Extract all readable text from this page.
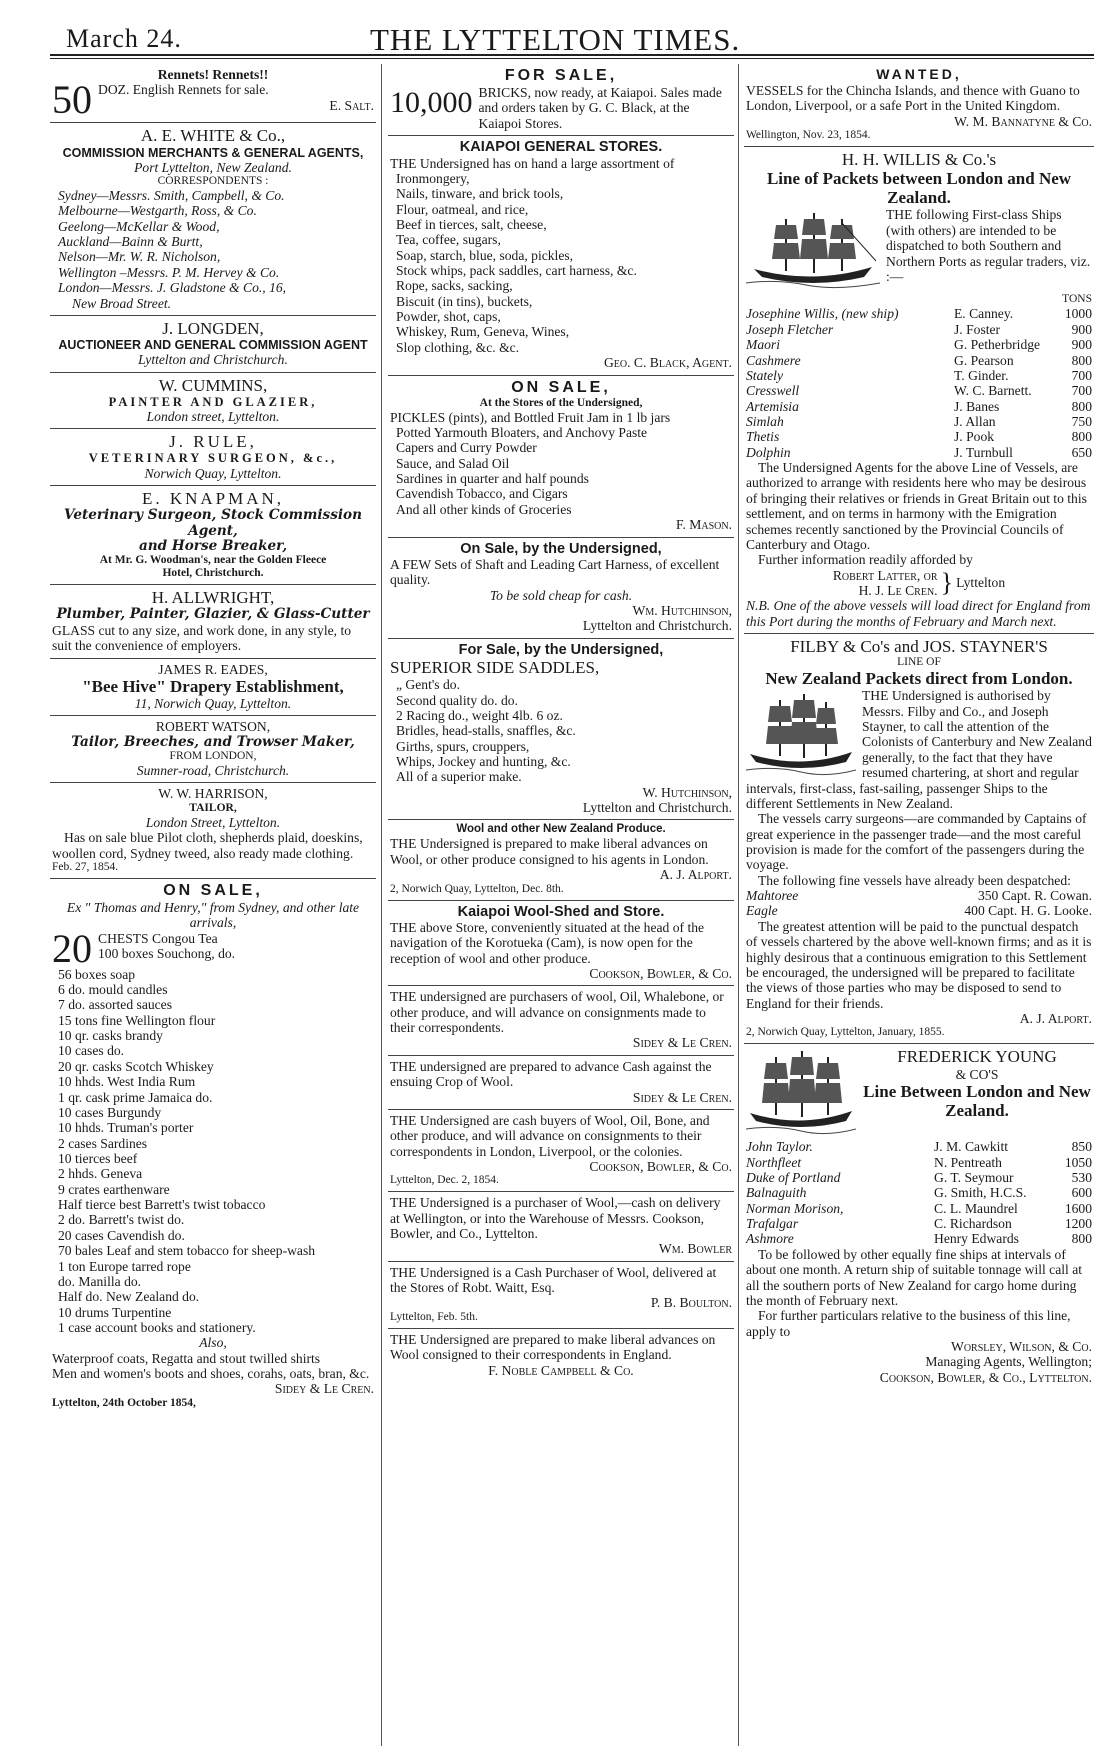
March 24.	THE LYTTELTON TIMES.
Rennets! Rennets!!
50 DOZ. English Rennets for sale.
E. Salt.
A. E. WHITE & Co.,
COMMISSION MERCHANTS & GENERAL AGENTS,
Port Lyttelton, New Zealand.
CORRESPONDENTS :
Sydney—Messrs. Smith, Campbell, & Co.
Melbourne—Westgarth, Ross, & Co.
Geelong—McKellar & Wood,
Auckland—Bainn & Burtt,
Nelson—Mr. W. R. Nicholson,
Wellington –Messrs. P. M. Hervey & Co.
London—Messrs. J. Gladstone & Co., 16,
New Broad Street.
J. LONGDEN,
AUCTIONEER AND GENERAL COMMISSION AGENT
Lyttelton and Christchurch.
W. CUMMINS,
PAINTER AND GLAZIER,
London street, Lyttelton.
J. RULE,
VETERINARY SURGEON, &c.,
Norwich Quay, Lyttelton.
E. KNAPMAN,
Veterinary Surgeon, Stock Commission Agent,
and Horse Breaker,
At Mr. G. Woodman's, near the Golden Fleece
Hotel, Christchurch.
H. ALLWRIGHT,
Plumber, Painter, Glazier, & Glass-Cutter
GLASS cut to any size, and work done, in any style, to suit the convenience of employers.
JAMES R. EADES,
"Bee Hive" Drapery Establishment,
11, Norwich Quay, Lyttelton.
ROBERT WATSON,
Tailor, Breeches, and Trowser Maker,
FROM LONDON,
Sumner-road, Christchurch.
W. W. HARRISON,
TAILOR,
London Street, Lyttelton.
Has on sale blue Pilot cloth, shepherds plaid, doeskins, woollen cord, Sydney tweed, also ready made clothing.
Feb. 27, 1854.
ON SALE,
Ex " Thomas and Henry," from Sydney, and other late arrivals,
20 CHESTS Congou Tea
100 boxes Souchong, do.
56 boxes soap
6 do. mould candles
7 do. assorted sauces
15 tons fine Wellington flour
10 qr. casks brandy
10 cases do.
20 qr. casks Scotch Whiskey
10 hhds. West India Rum
1 qr. cask prime Jamaica do.
10 cases Burgundy
10 hhds. Truman's porter
2 cases Sardines
10 tierces beef
2 hhds. Geneva
9 crates earthenware
Half tierce best Barrett's twist tobacco
2 do. Barrett's twist do.
20 cases Cavendish do.
70 bales Leaf and stem tobacco for sheep-wash
1 ton Europe tarred rope
do. Manilla do.
Half do. New Zealand do.
10 drums Turpentine
1 case account books and stationery.
Also,
Waterproof coats, Regatta and stout twilled shirts
Men and women's boots and shoes, corahs, oats, bran, &c.
Sidey & Le Cren.
Lyttelton, 24th October 1854,
FOR SALE,
10,000 BRICKS, now ready, at Kaiapoi. Sales made and orders taken by G. C. Black, at the Kaiapoi Stores.
KAIAPOI GENERAL STORES.
THE Undersigned has on hand a large assortment of
Ironmongery,
Nails, tinware, and brick tools,
Flour, oatmeal, and rice,
Beef in tierces, salt, cheese,
Tea, coffee, sugars,
Soap, starch, blue, soda, pickles,
Stock whips, pack saddles, cart harness, &c.
Rope, sacks, sacking,
Biscuit (in tins), buckets,
Powder, shot, caps,
Whiskey, Rum, Geneva, Wines,
Slop clothing, &c. &c.
Geo. C. Black, Agent.
ON SALE,
At the Stores of the Undersigned,
PICKLES (pints), and Bottled Fruit Jam in 1 lb jars
Potted Yarmouth Bloaters, and Anchovy Paste
Capers and Curry Powder
Sauce, and Salad Oil
Sardines in quarter and half pounds
Cavendish Tobacco, and Cigars
And all other kinds of Groceries
F. Mason.
On Sale, by the Undersigned,
A FEW Sets of Shaft and Leading Cart Harness, of excellent quality.
To be sold cheap for cash.
Wm. Hutchinson,
Lyttelton and Christchurch.
For Sale, by the Undersigned,
SUPERIOR SIDE SADDLES,
„ Gent's do.
Second quality do. do.
2 Racing do., weight 4lb. 6 oz.
Bridles, head-stalls, snaffles, &c.
Girths, spurs, crouppers,
Whips, Jockey and hunting, &c.
All of a superior make.
W. Hutchinson,
Lyttelton and Christchurch.
Wool and other New Zealand Produce.
THE Undersigned is prepared to make liberal advances on Wool, or other produce consigned to his agents in London.
A. J. Alport.
2, Norwich Quay, Lyttelton, Dec. 8th.
Kaiapoi Wool-Shed and Store.
THE above Store, conveniently situated at the head of the navigation of the Korotueka (Cam), is now open for the reception of wool and other produce.
Cookson, Bowler, & Co.
THE undersigned are purchasers of wool, Oil, Whalebone, or other produce, and will advance on consignments made to their correspondents.
Sidey & Le Cren.
THE undersigned are prepared to advance Cash against the ensuing Crop of Wool.
Sidey & Le Cren.
THE Undersigned are cash buyers of Wool, Oil, Bone, and other produce, and will advance on consignments to their correspondents in London, Liverpool, or the colonies.
Cookson, Bowler, & Co.
Lyttelton, Dec. 2, 1854.
THE Undersigned is a purchaser of Wool,—cash on delivery at Wellington, or into the Warehouse of Messrs. Cookson, Bowler, and Co., Lyttelton.
Wm. Bowler
THE Undersigned is a Cash Purchaser of Wool, delivered at the Stores of Robt. Waitt, Esq.
P. B. Boulton.
Lyttelton, Feb. 5th.
THE Undersigned are prepared to make liberal advances on Wool consigned to their correspondents in England.
F. Noble Campbell & Co.
WANTED,
VESSELS for the Chincha Islands, and thence with Guano to London, Liverpool, or a safe Port in the United Kingdom.
W. M. Bannatyne & Co.
Wellington, Nov. 23, 1854.
H. H. WILLIS & Co.'s
Line of Packets between London and New Zealand.
THE following First-class Ships (with others) are intended to be dispatched to both Southern and Northern Ports as regular traders, viz. :—
TONS
Josephine Willis, (new ship)	E. Canney.	1000
Joseph Fletcher	J. Foster	900
Maori	G. Petherbridge	900
Cashmere	G. Pearson	800
Stately	T. Ginder.	700
Cresswell	W. C. Barnett.	700
Artemisia	J. Banes	800
Simlah	J. Allan	750
Thetis	J. Pook	800
Dolphin	J. Turnbull	650
The Undersigned Agents for the above Line of Vessels, are authorized to arrange with residents here who may be desirous of bringing their relatives or friends in Great Britain out to this settlement, and on terms in harmony with the Emigration schemes recently sanctioned by the Provincial Councils of Canterbury and Otago.
Further information readily afforded by
Robert Latter, or
H. J. Le Cren. } Lyttelton
N.B. One of the above vessels will load direct for England from this Port during the months of February and March next.
FILBY & Co's and JOS. STAYNER'S
LINE OF
New Zealand Packets direct from London.
THE Undersigned is authorised by Messrs. Filby and Co., and Joseph Stayner, to call the attention of the Colonists of Canterbury and New Zealand generally, to the fact that they have resumed chartering, at short and regular intervals, first-class, fast-sailing, passenger Ships to the different Settlements in New Zealand.
The vessels carry surgeons—are commanded by Captains of great experience in the passenger trade—and the most careful provision is made for the comfort of the passengers during the voyage.
The following fine vessels have already been despatched:
Mahtoree	350 Capt. R. Cowan.
Eagle	400 Capt. H. G. Looke.
The greatest attention will be paid to the punctual despatch of vessels chartered by the above well-known firms; and as it is highly desirous that a continuous emigration to this Settlement be encouraged, the undersigned will be prepared to facilitate the views of those parties who may be disposed to send to England for their friends.
A. J. Alport.
2, Norwich Quay, Lyttelton, January, 1855.
FREDERICK YOUNG
& CO'S
Line Between London and New Zealand.
John Taylor.	J. M. Cawkitt	850
Northfleet	N. Pentreath	1050
Duke of Portland	G. T. Seymour	530
Balnaguith	G. Smith, H.C.S.	600
Norman Morison,	C. L. Maundrel	1600
Trafalgar	C. Richardson	1200
Ashmore	Henry Edwards	800
To be followed by other equally fine ships at intervals of about one month. A return ship of suitable tonnage will call at all the southern ports of New Zealand for cargo home during the month of February next.
For further particulars relative to the business of this line, apply to
Worsley, Wilson, & Co.
Managing Agents, Wellington;
Cookson, Bowler, & Co., Lyttelton.
